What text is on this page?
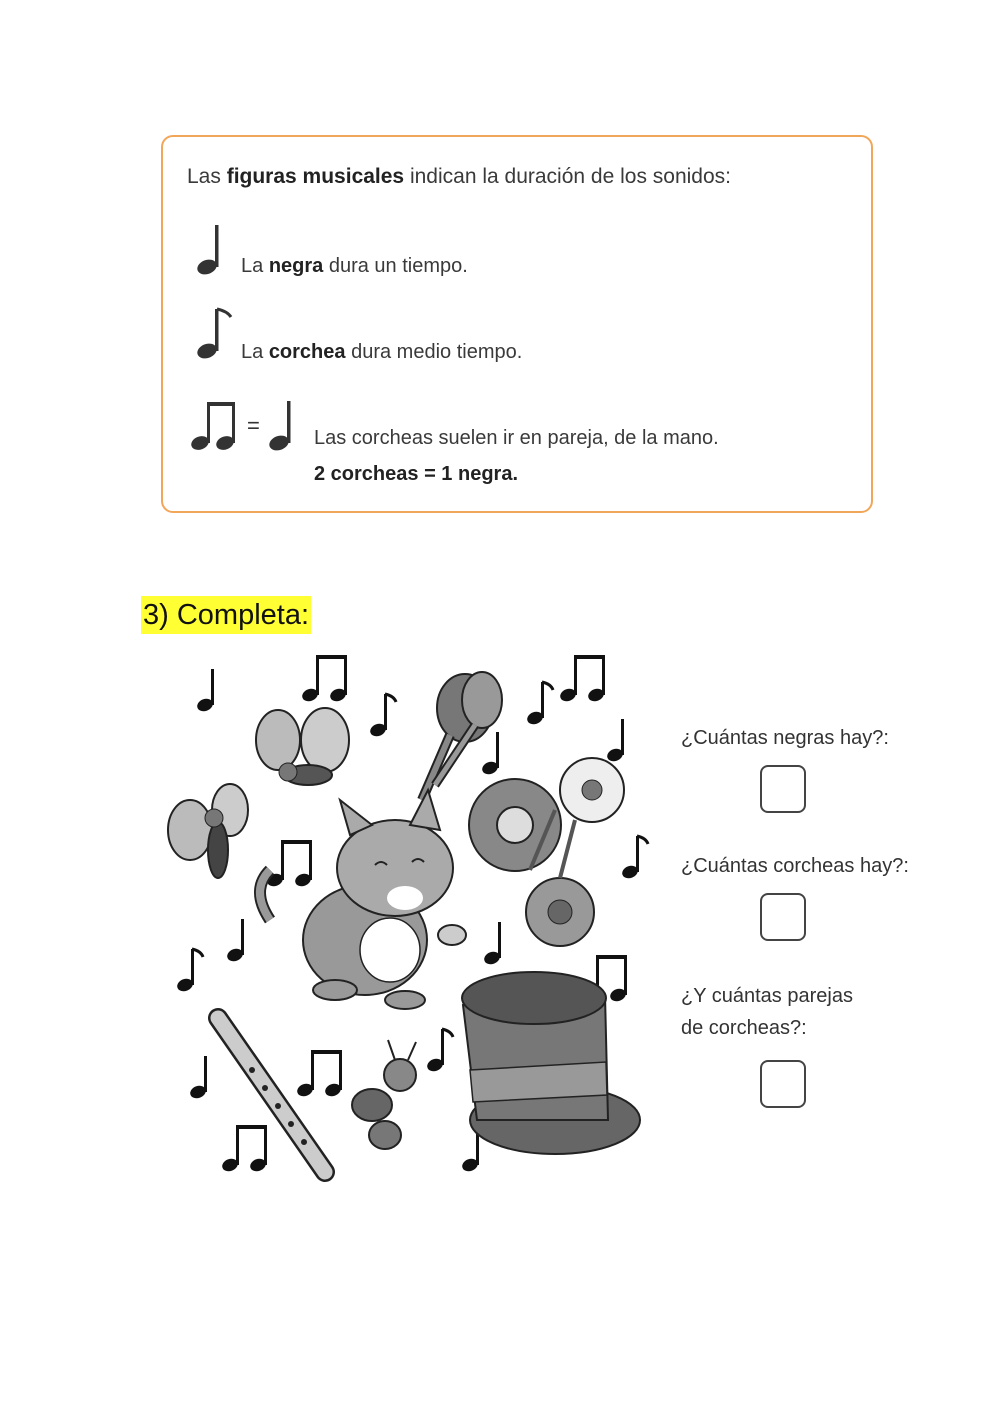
Las figuras musicales indican la duración de los sonidos:
La negra dura un tiempo.
La corchea dura medio tiempo.
=	Las corcheas suelen ir en pareja, de la mano.
2 corcheas = 1 negra.
3) Completa:
¿Cuántas negras hay?:
¿Cuántas corcheas hay?:
¿Y cuántas parejas
de corcheas?:
